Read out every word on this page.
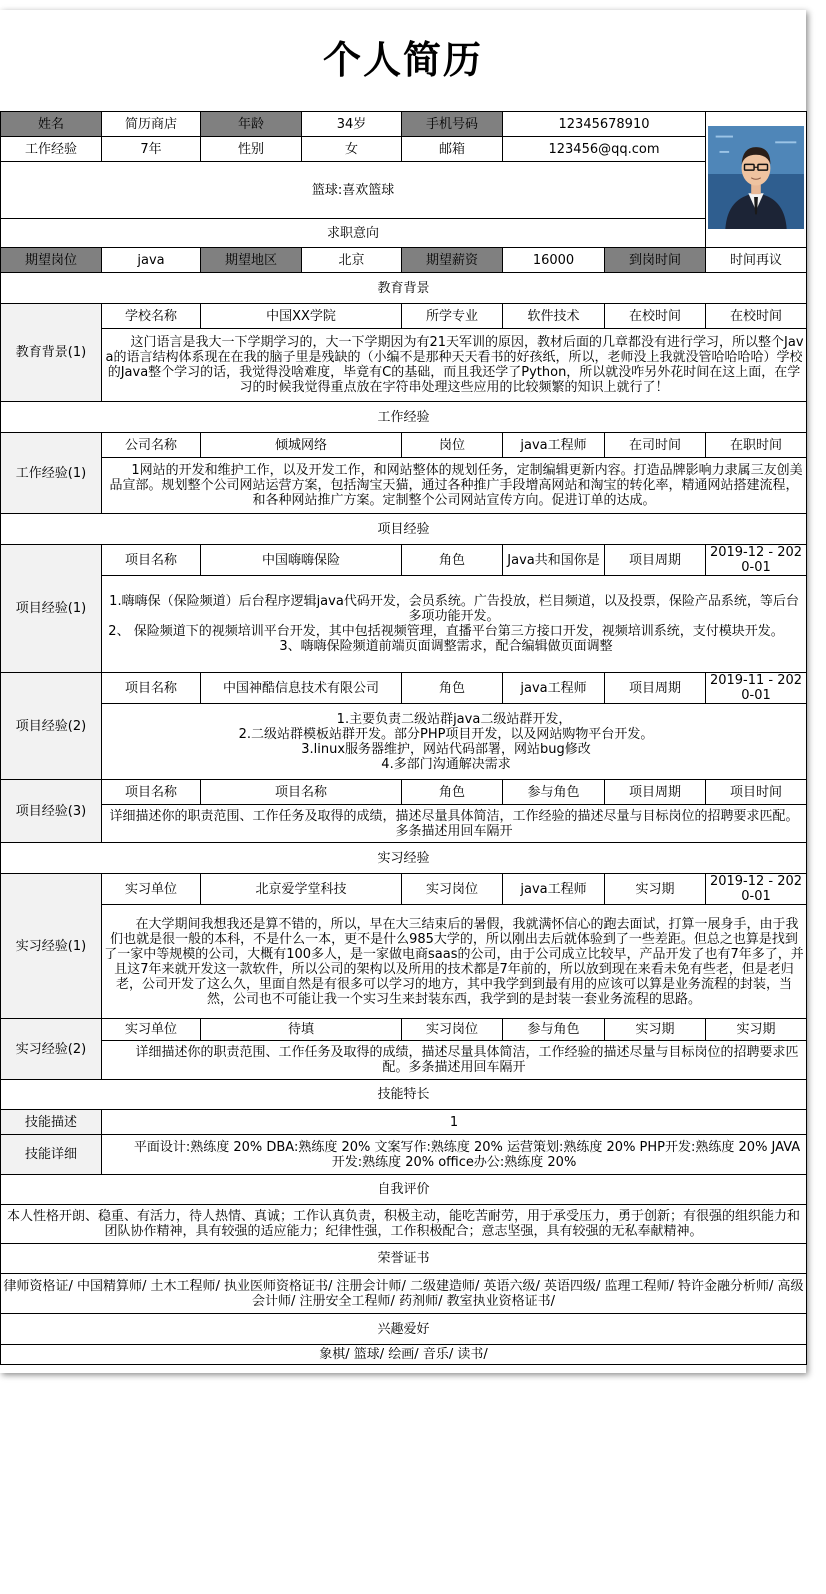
个人简历
姓名	简历商店	年龄	34岁	手机号码	12345678910	
工作经验	7年	性别	女	邮箱	123456@qq.com		
篮球:喜欢篮球							
求职意向							
期望岗位	java	期望地区	北京	期望薪资	16000	到岗时间	时间再议
教育背景							
教育背景(1)	学校名称	中国XX学院		所学专业	软件技术	在校时间	在校时间
	　　这门语言是我大一下学期学习的，大一下学期因为有21天军训的原因，教材后面的几章都没有进行学习，所以整个Java的语言结构体系现在在我的脑子里是残缺的（小编不是那种天天看书的好孩纸，所以，老师没上我就没管哈哈哈哈）学校的Java整个学习的话，我觉得没啥难度，毕竟有C的基础，而且我还学了Python，所以就没咋另外花时间在这上面，在学习的时候我觉得重点放在字符串处理这些应用的比较频繁的知识上就行了！						
工作经验							
工作经验(1)	公司名称	倾城网络		岗位	java工程师	在司时间	在职时间
	　　1网站的开发和维护工作，以及开发工作，和网站整体的规划任务，定制编辑更新内容。打造品牌影响力隶属三友创美品宣部。规划整个公司网站运营方案，包括淘宝天猫，通过各种推广手段增高网站和淘宝的转化率，精通网站搭建流程，和各种网站推广方案。定制整个公司网站宣传方向。促进订单的达成。						
项目经验							
项目经验(1)	项目名称	中国嗨嗨保险		角色	Java共和国你是	项目周期	2019-12 - 2020-01

	1.嗨嗨保（保险频道）后台程序逻辑java代码开发，会员系统。广告投放，栏目频道，以及投票，保险产品系统，等后台多项功能开发。
2、 保险频道下的视频培训平台开发，其中包括视频管理，直播平台第三方接口开发，视频培训系统，支付模块开发。
3、嗨嗨保险频道前端页面调整需求，配合编辑做页面调整						

项目经验(2)	项目名称	中国神酷信息技术有限公司		角色	java工程师	项目周期	2019-11 - 2020-01

	1.主要负责二级站群java二级站群开发，
2.二级站群模板站群开发。部分PHP项目开发，以及网站购物平台开发。
3.linux服务器维护，网站代码部署，网站bug修改
4.多部门沟通解决需求						

项目经验(3)	项目名称	项目名称		角色	参与角色	项目周期	项目时间

	详细描述你的职责范围、工作任务及取得的成绩，描述尽量具体简洁，工作经验的描述尽量与目标岗位的招聘要求匹配。多条描述用回车隔开						

实习经验							
实习经验(1)	实习单位	北京爱学堂科技		实习岗位	java工程师	实习期	2019-12 - 2020-01
	　　在大学期间我想我还是算不错的，所以，早在大三结束后的暑假，我就满怀信心的跑去面试，打算一展身手，由于我们也就是很一般的本科，不是什么一本，更不是什么985大学的，所以刚出去后就体验到了一些差距。但总之也算是找到了一家中等规模的公司，大概有100多人，是一家做电商saas的公司，由于公司成立比较早，产品开发了也有7年多了，并且这7年来就开发这一款软件，所以公司的架构以及所用的技术都是7年前的，所以放到现在来看未免有些老，但是老归老，公司开发了这么久，里面自然是有很多可以学习的地方，其中我学到到最有用的应该可以算是业务流程的封装，当然，公司也不可能让我一个实习生来封装东西，我学到的是封装一套业务流程的思路。						
实习经验(2)	实习单位	待填		实习岗位	参与角色	实习期	实习期
	　　详细描述你的职责范围、工作任务及取得的成绩，描述尽量具体简洁，工作经验的描述尽量与目标岗位的招聘要求匹配。多条描述用回车隔开						
技能特长							
技能描述	1						
技能详细	　　平面设计:熟练度 20% DBA:熟练度 20% 文案写作:熟练度 20% 运营策划:熟练度 20% PHP开发:熟练度 20% JAVA开发:熟练度 20% office办公:熟练度 20%						
自我评价							
本人性格开朗、稳重、有活力，待人热情、真诚；工作认真负责，积极主动，能吃苦耐劳，用于承受压力，勇于创新；有很强的组织能力和团队协作精神，具有较强的适应能力；纪律性强，工作积极配合；意志坚强，具有较强的无私奉献精神。							
荣誉证书							
律师资格证/ 中国精算师/ 土木工程师/ 执业医师资格证书/ 注册会计师/ 二级建造师/ 英语六级/ 英语四级/ 监理工程师/ 特许金融分析师/ 高级会计师/ 注册安全工程师/ 药剂师/ 教室执业资格证书/							
兴趣爱好							
象棋/ 篮球/ 绘画/ 音乐/ 读书/							
